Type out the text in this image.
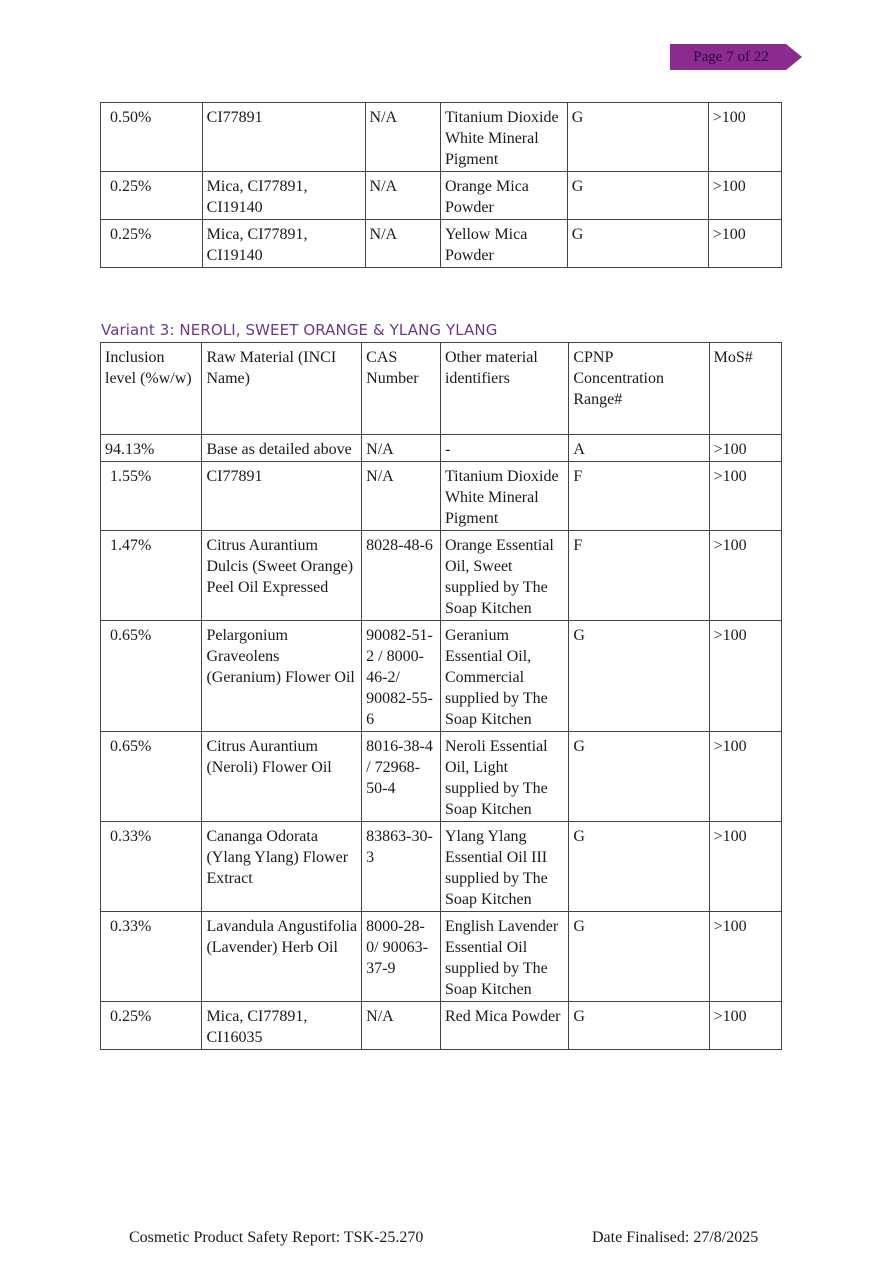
Page 7 of 22
0.50%	CI77891	N/A	Titanium Dioxide White Mineral Pigment	G	>100
0.25%	Mica, CI77891, CI19140	N/A	Orange Mica Powder	G	>100
0.25%	Mica, CI77891, CI19140	N/A	Yellow Mica Powder	G	>100
Variant 3: NEROLI, SWEET ORANGE & YLANG YLANG
Inclusion level (%w/w)	Raw Material (INCI Name)	CAS Number	Other material identifiers	CPNP Concentration Range#	MoS#
94.13%	Base as detailed above	N/A	-	A	>100
1.55%	CI77891	N/A	Titanium Dioxide White Mineral Pigment	F	>100
1.47%	Citrus Aurantium Dulcis (Sweet Orange) Peel Oil Expressed	8028-48-6	Orange Essential Oil, Sweet supplied by The Soap Kitchen	F	>100
0.65%	Pelargonium Graveolens (Geranium) Flower Oil	90082-51-2 / 8000-46-2/ 90082-55-6	Geranium Essential Oil, Commercial supplied by The Soap Kitchen	G	>100
0.65%	Citrus Aurantium (Neroli) Flower Oil	8016-38-4 / 72968-50-4	Neroli Essential Oil, Light supplied by The Soap Kitchen	G	>100
0.33%	Cananga Odorata (Ylang Ylang) Flower Extract	83863-30-3	Ylang Ylang Essential Oil III supplied by The Soap Kitchen	G	>100
0.33%	Lavandula Angustifolia (Lavender) Herb Oil	8000-28-0/ 90063-37-9	English Lavender Essential Oil supplied by The Soap Kitchen	G	>100
0.25%	Mica, CI77891, CI16035	N/A	Red Mica Powder	G	>100
Cosmetic Product Safety Report: TSK-25.270	Date Finalised: 27/8/2025
